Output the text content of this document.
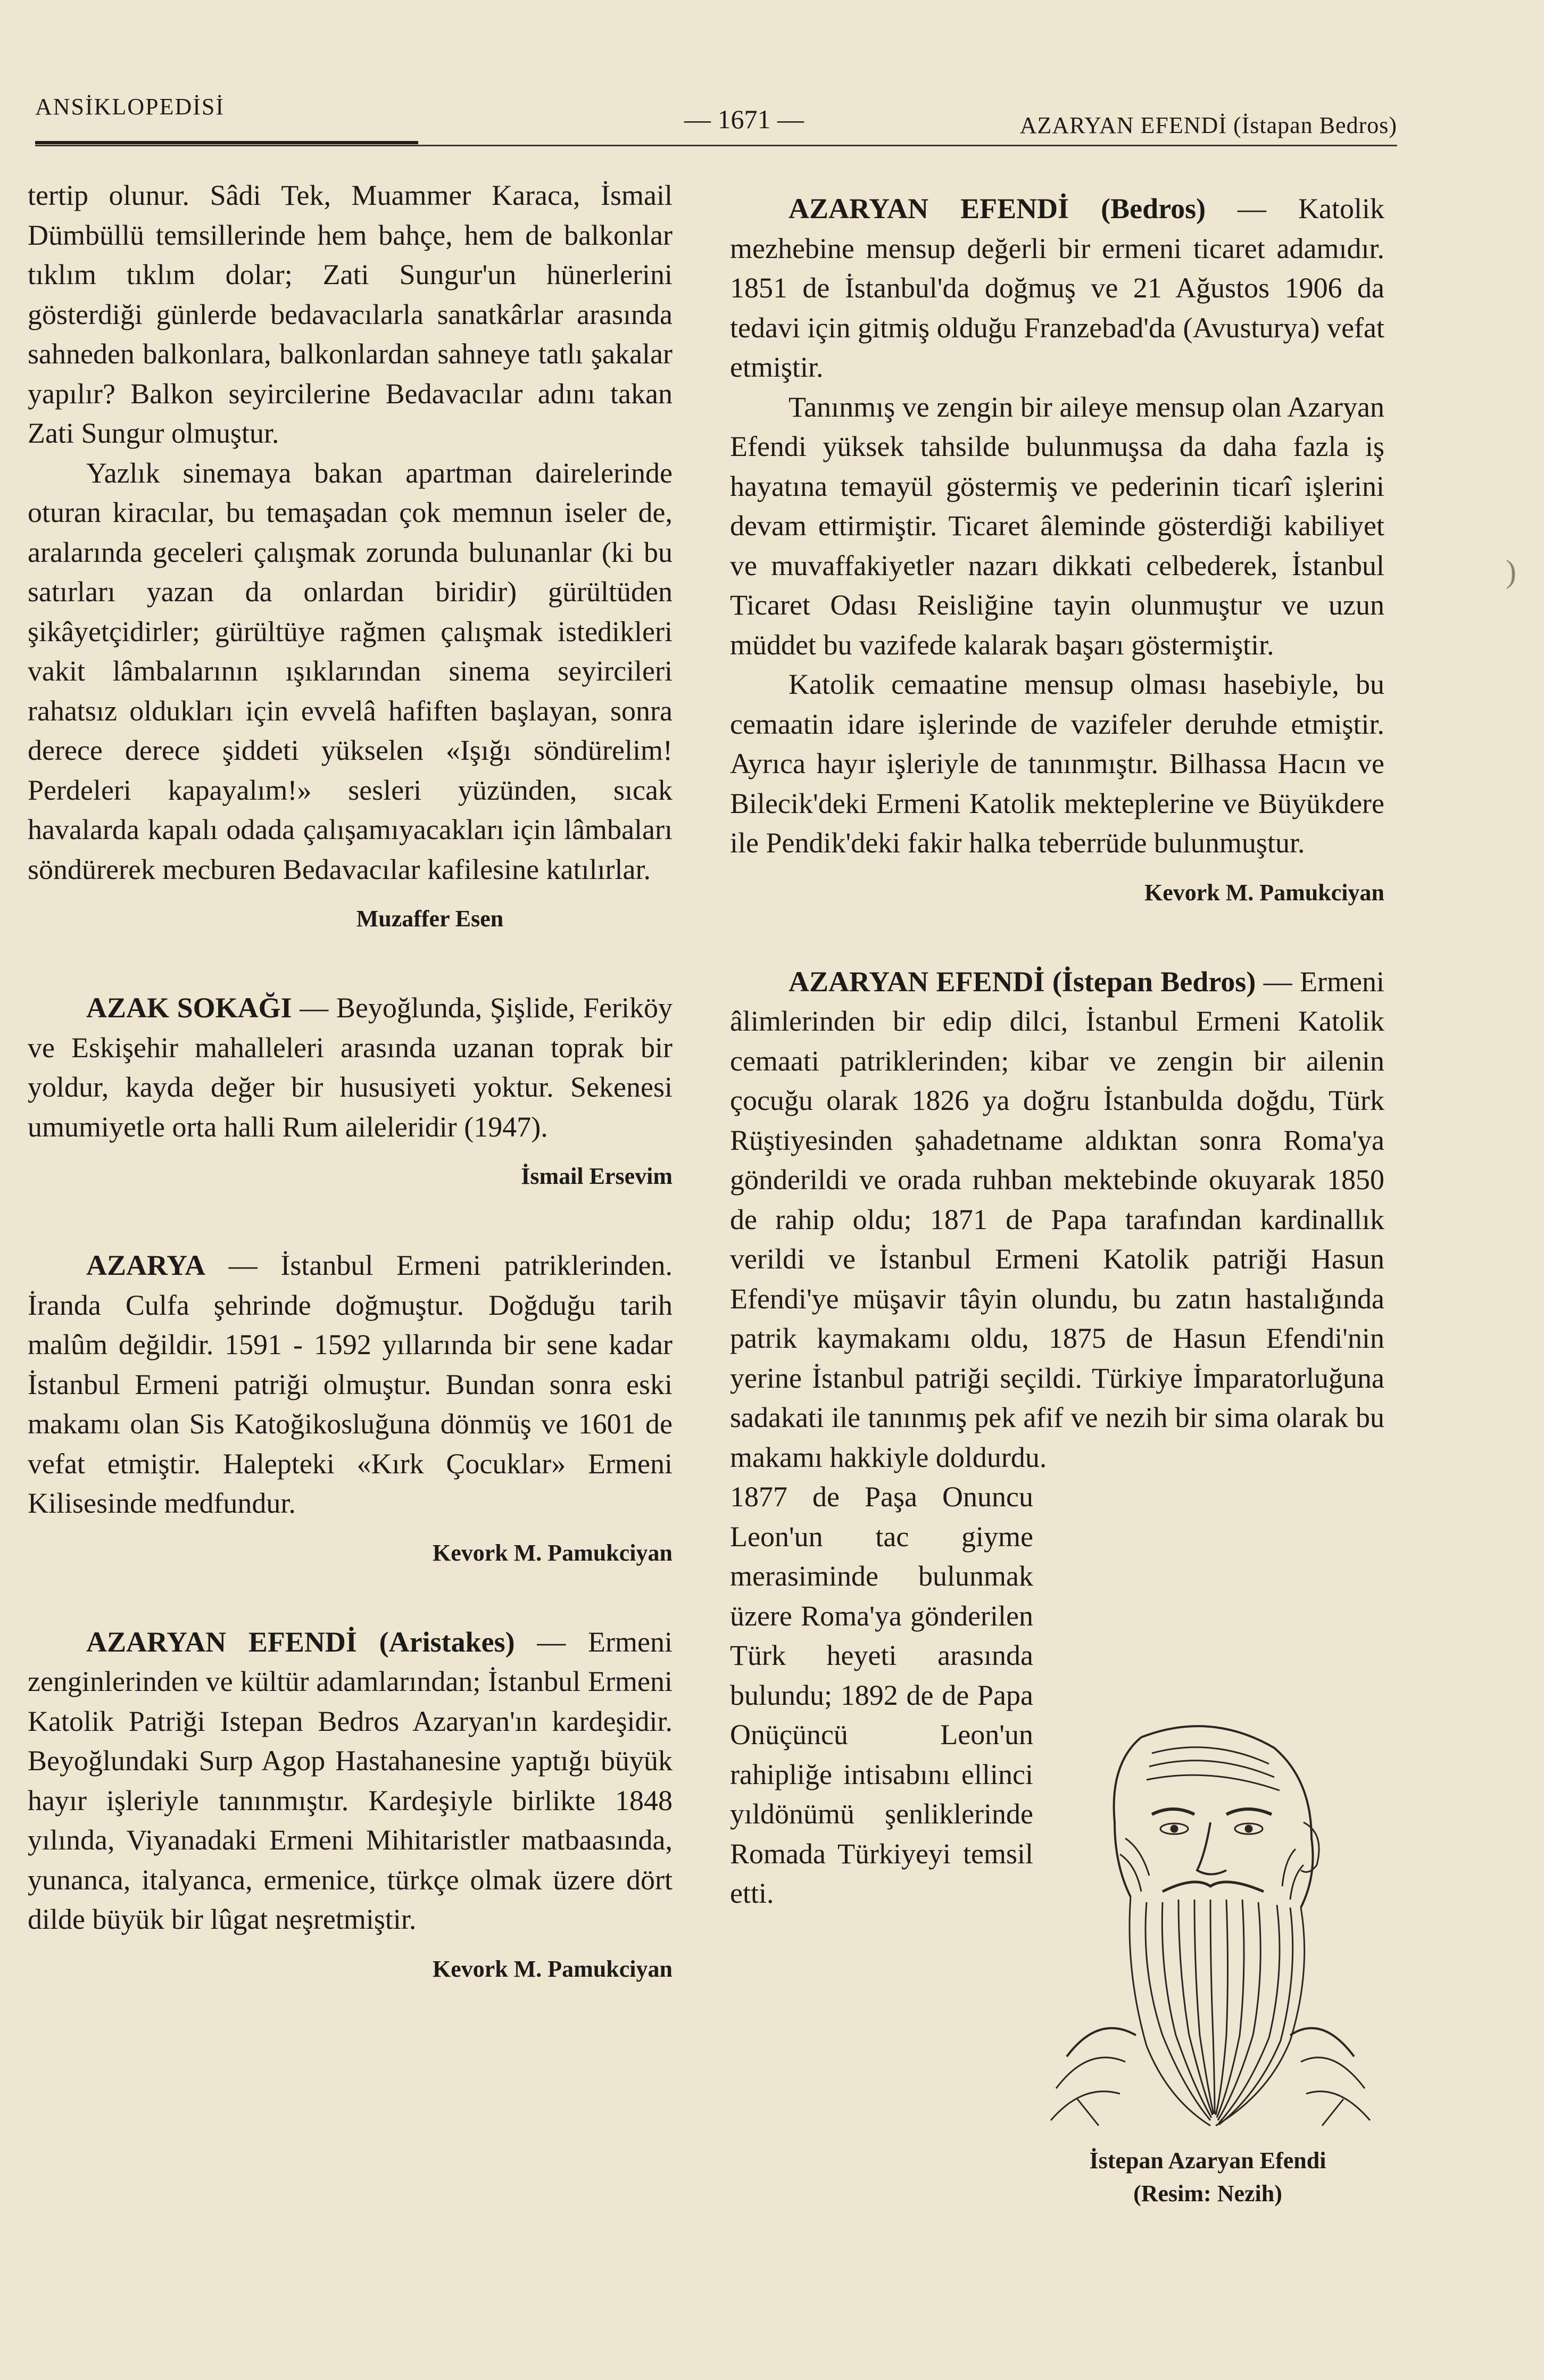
ANSİKLOPEDİSİ	— 1671 —	AZARYAN EFENDİ (İstapan Bedros)

tertip olunur. Sâdi Tek, Muammer Karaca, İsmail Dümbüllü temsillerinde hem bahçe, hem de balkonlar tıklım tıklım dolar; Zati Sungur'un hünerlerini gösterdiği günlerde bedavacılarla sanatkârlar arasında sahneden balkonlara, balkonlardan sahneye tatlı şakalar yapılır? Balkon seyircilerine Bedavacılar adını takan Zati Sungur olmuştur.

Yazlık sinemaya bakan apartman dairelerinde oturan kiracılar, bu temaşadan çok memnun iseler de, aralarında geceleri çalışmak zorunda bulunanlar (ki bu satırları yazan da onlardan biridir) gürültüden şikâyetçidirler; gürültüye rağmen çalışmak istedikleri vakit lâmbalarının ışıklarından sinema seyircileri rahatsız oldukları için evvelâ hafiften başlayan, sonra derece derece şiddeti yükselen «Işığı söndürelim! Perdeleri kapayalım!» sesleri yüzünden, sıcak havalarda kapalı odada çalışamıyacakları için lâmbaları söndürerek mecburen Bedavacılar kafilesine katılırlar.

Muzaffer Esen

AZAK SOKAĞI — Beyoğlunda, Şişlide, Feriköy ve Eskişehir mahalleleri arasında uzanan toprak bir yoldur, kayda değer bir hususiyeti yoktur. Sekenesi umumiyetle orta halli Rum aileleridir (1947).

İsmail Ersevim

AZARYA — İstanbul Ermeni patriklerinden. İranda Culfa şehrinde doğmuştur. Doğduğu tarih malûm değildir. 1591 - 1592 yıllarında bir sene kadar İstanbul Ermeni patriği olmuştur. Bundan sonra eski makamı olan Sis Katoğikosluğuna dönmüş ve 1601 de vefat etmiştir. Halepteki «Kırk Çocuklar» Ermeni Kilisesinde medfundur.

Kevork M. Pamukciyan

AZARYAN EFENDİ (Aristakes) — Ermeni zenginlerinden ve kültür adamlarından; İstanbul Ermeni Katolik Patriği Istepan Bedros Azaryan'ın kardeşidir. Beyoğlundaki Surp Agop Hastahanesine yaptığı büyük hayır işleriyle tanınmıştır. Kardeşiyle birlikte 1848 yılında, Viyanadaki Ermeni Mihitaristler matbaasında, yunanca, italyanca, ermenice, türkçe olmak üzere dört dilde büyük bir lûgat neşretmiştir.

Kevork M. Pamukciyan

AZARYAN EFENDİ (Bedros) — Katolik mezhebine mensup değerli bir ermeni ticaret adamıdır. 1851 de İstanbul'da doğmuş ve 21 Ağustos 1906 da tedavi için gitmiş olduğu Franzebad'da (Avusturya) vefat etmiştir.

Tanınmış ve zengin bir aileye mensup olan Azaryan Efendi yüksek tahsilde bulunmuşsa da daha fazla iş hayatına temayül göstermiş ve pederinin ticarî işlerini devam ettirmiştir. Ticaret âleminde gösterdiği kabiliyet ve muvaffakiyetler nazarı dikkati celbederek, İstanbul Ticaret Odası Reisliğine tayin olunmuştur ve uzun müddet bu vazifede kalarak başarı göstermiştir.

Katolik cemaatine mensup olması hasebiyle, bu cemaatin idare işlerinde de vazifeler deruhde etmiştir. Ayrıca hayır işleriyle de tanınmıştır. Bilhassa Hacın ve Bilecik'deki Ermeni Katolik mekteplerine ve Büyükdere ile Pendik'deki fakir halka teberrüde bulunmuştur.

Kevork M. Pamukciyan

AZARYAN EFENDİ (İstepan Bedros) — Ermeni âlimlerinden bir edip dilci, İstanbul Ermeni Katolik cemaati patriklerinden; kibar ve zengin bir ailenin çocuğu olarak 1826 ya doğru İstanbulda doğdu, Türk Rüştiyesinden şahadetname aldıktan sonra Roma'ya gönderildi ve orada ruhban mektebinde okuyarak 1850 de rahip oldu; 1871 de Papa tarafından kardinallık verildi ve İstanbul Ermeni Katolik patriği Hasun Efendi'ye müşavir tâyin olundu, bu zatın hastalığında patrik kaymakamı oldu, 1875 de Hasun Efendi'nin yerine İstanbul patriği seçildi. Türkiye İmparatorluğuna sadakati ile tanınmış pek afif ve nezih bir sima olarak bu makamı hakkiyle doldurdu.

1877 de Paşa Onuncu Leon'un tac giyme merasiminde bulunmak üzere Roma'ya gönderilen Türk heyeti arasında bulundu; 1892 de de Papa Onüçüncü Leon'un rahipliğe intisabını ellinci yıldönümü şenliklerinde Romada Türkiyeyi temsil etti.

İstepan Azaryan Efendi
(Resim: Nezih)
)
